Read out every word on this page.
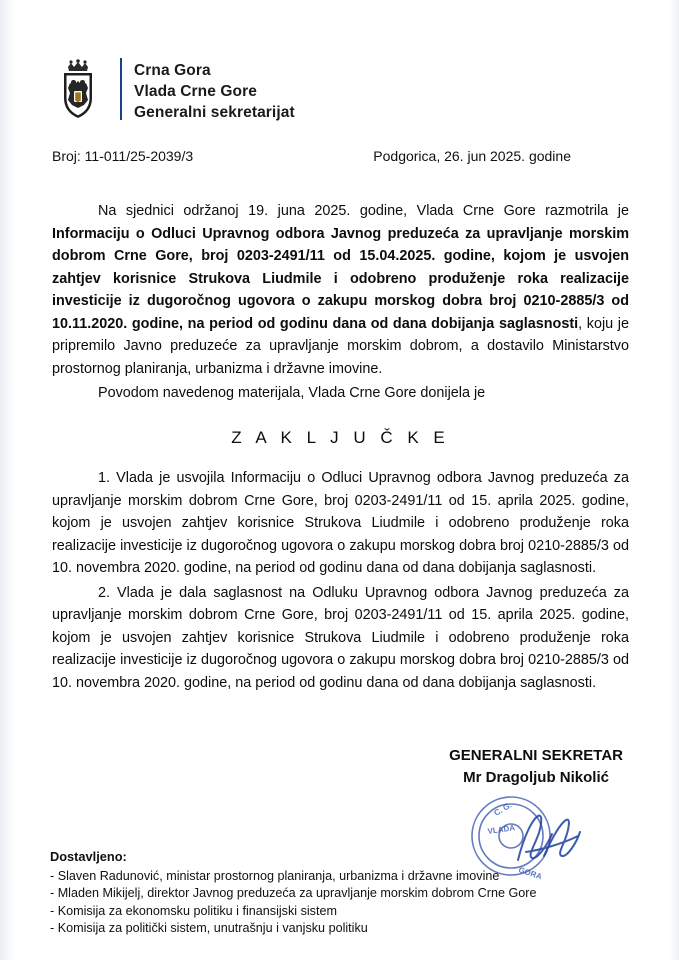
Crna Gora
Vlada Crne Gore
Generalni sekretarijat
Broj: 11-011/25-2039/3	Podgorica, 26. jun 2025. godine

Na sjednici održanoj 19. juna 2025. godine, Vlada Crne Gore razmotrila je Informaciju o Odluci Upravnog odbora Javnog preduzeća za upravljanje morskim dobrom Crne Gore, broj 0203-2491/11 od 15.04.2025. godine, kojom je usvojen zahtjev korisnice Strukova Liudmile i odobreno produženje roka realizacije investicije iz dugoročnog ugovora o zakupu morskog dobra broj 0210-2885/3 od 10.11.2020. godine, na period od godinu dana od dana dobijanja saglasnosti, koju je pripremilo Javno preduzeće za upravljanje morskim dobrom, a dostavilo Ministarstvo prostornog planiranja, urbanizma i državne imovine.

Povodom navedenog materijala, Vlada Crne Gore donijela je

Z A K L J U Č K E

1. Vlada je usvojila Informaciju o Odluci Upravnog odbora Javnog preduzeća za upravljanje morskim dobrom Crne Gore, broj 0203-2491/11 od 15. aprila 2025. godine, kojom je usvojen zahtjev korisnice Strukova Liudmile i odobreno produženje roka realizacije investicije iz dugoročnog ugovora o zakupu morskog dobra broj 0210-2885/3 od 10. novembra 2020. godine, na period od godinu dana od dana dobijanja saglasnosti.

2. Vlada je dala saglasnost na Odluku Upravnog odbora Javnog preduzeća za upravljanje morskim dobrom Crne Gore, broj 0203-2491/11 od 15. aprila 2025. godine, kojom je usvojen zahtjev korisnice Strukova Liudmile i odobreno produženje roka realizacije investicije iz dugoročnog ugovora o zakupu morskog dobra broj 0210-2885/3 od 10. novembra 2020. godine, na period od godinu dana od dana dobijanja saglasnosti.

GENERALNI SEKRETAR
Mr Dragoljub Nikolić
C. G.
VLADA
GORA
Dostavljeno:
- Slaven Radunović, ministar prostornog planiranja, urbanizma i državne imovine
- Mladen Mikijelj, direktor Javnog preduzeća za upravljanje morskim dobrom Crne Gore
- Komisija za ekonomsku politiku i finansijski sistem
- Komisija za politički sistem, unutrašnju i vanjsku politiku
